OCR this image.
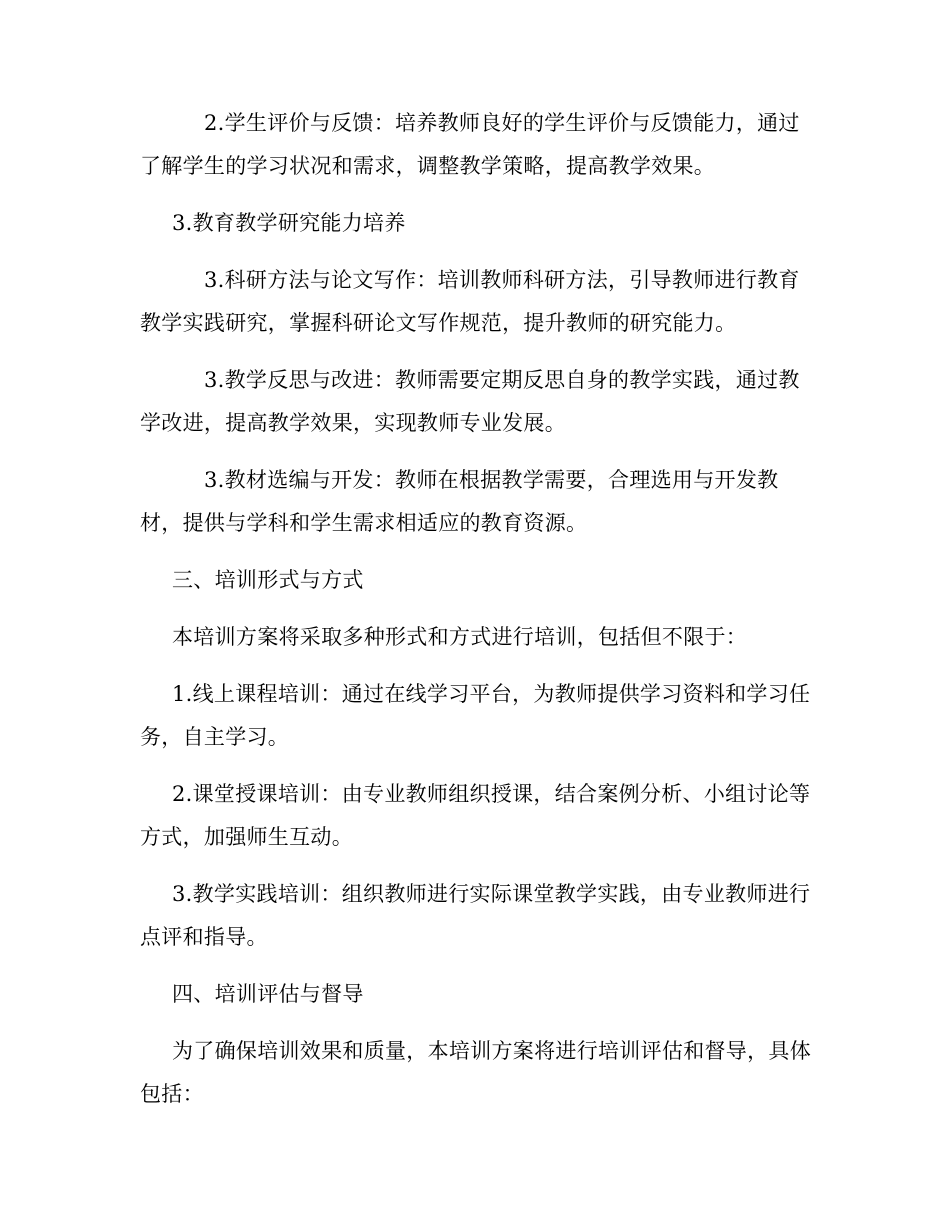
2.学生评价与反馈：培养教师良好的学生评价与反馈能力，通过了解学生的学习状况和需求，调整教学策略，提高教学效果。

3.教育教学研究能力培养

3.科研方法与论文写作：培训教师科研方法，引导教师进行教育教学实践研究，掌握科研论文写作规范，提升教师的研究能力。

3.教学反思与改进：教师需要定期反思自身的教学实践，通过教学改进，提高教学效果，实现教师专业发展。

3.教材选编与开发：教师在根据教学需要，合理选用与开发教材，提供与学科和学生需求相适应的教育资源。

三、培训形式与方式

本培训方案将采取多种形式和方式进行培训，包括但不限于：

1.线上课程培训：通过在线学习平台，为教师提供学习资料和学习任务，自主学习。

2.课堂授课培训：由专业教师组织授课，结合案例分析、小组讨论等方式，加强师生互动。

3.教学实践培训：组织教师进行实际课堂教学实践，由专业教师进行点评和指导。

四、培训评估与督导

为了确保培训效果和质量，本培训方案将进行培训评估和督导，具体包括：
